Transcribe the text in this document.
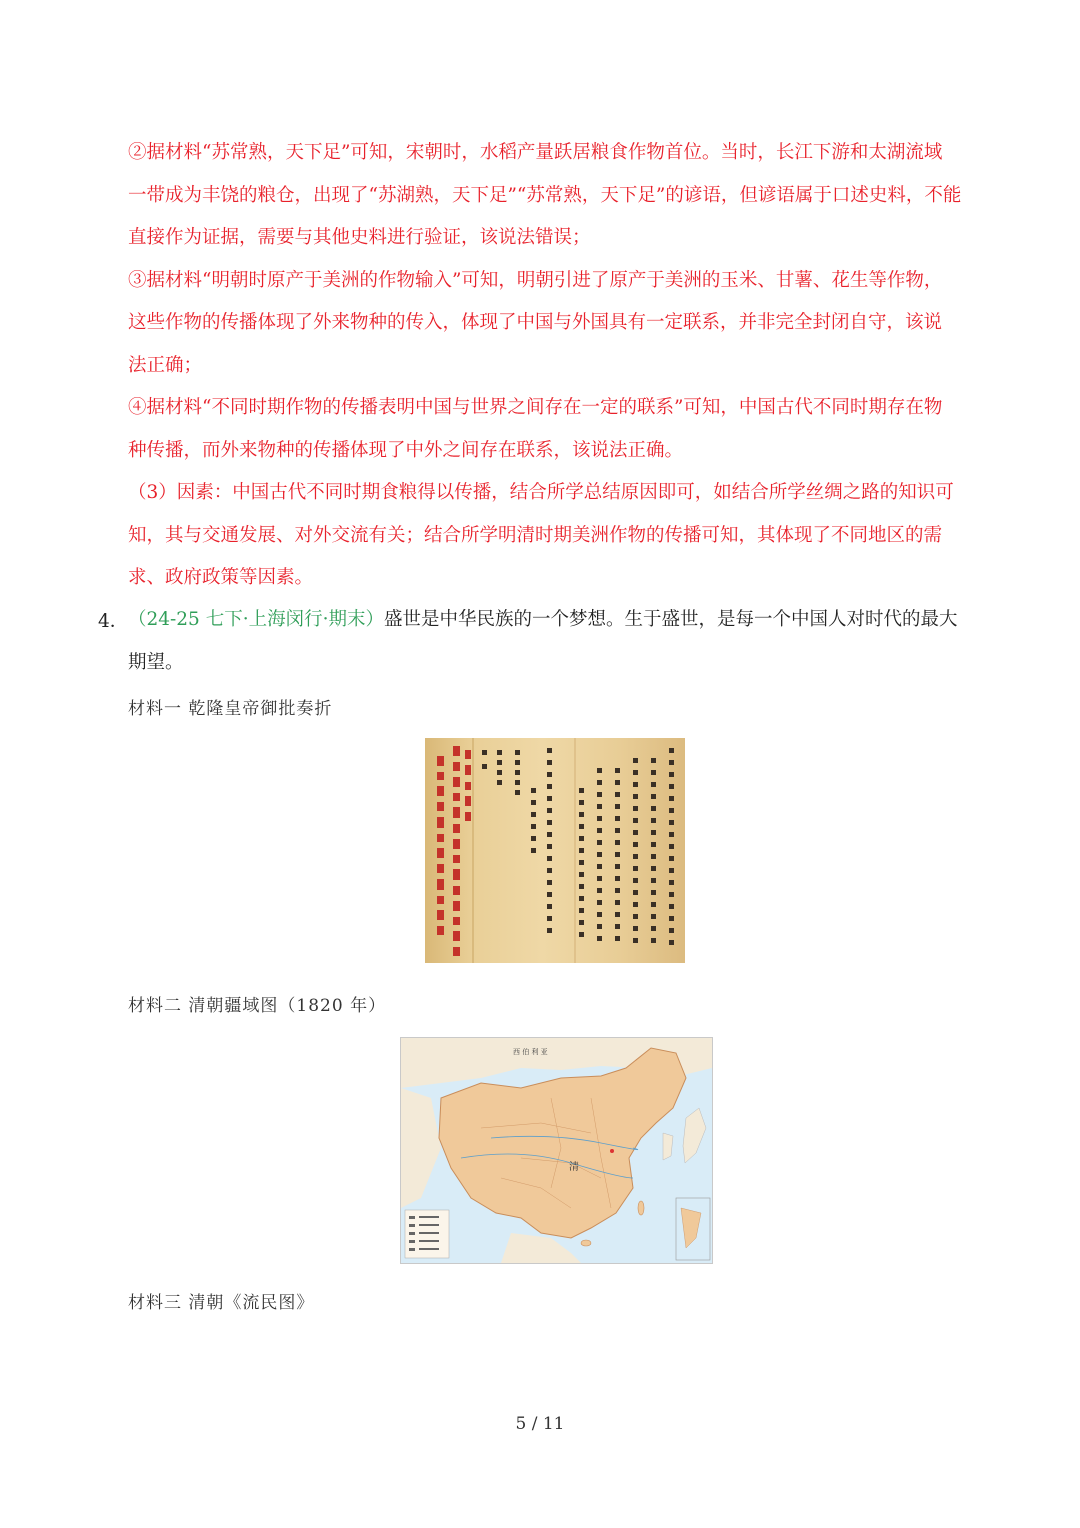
②据材料“苏常熟，天下足”可知，宋朝时，水稻产量跃居粮食作物首位。当时，长江下游和太湖流域
一带成为丰饶的粮仓，出现了“苏湖熟，天下足”“苏常熟，天下足”的谚语，但谚语属于口述史料，不能
直接作为证据，需要与其他史料进行验证，该说法错误；
③据材料“明朝时原产于美洲的作物输入”可知，明朝引进了原产于美洲的玉米、甘薯、花生等作物，
这些作物的传播体现了外来物种的传入，体现了中国与外国具有一定联系，并非完全封闭自守，该说
法正确；
④据材料“不同时期作物的传播表明中国与世界之间存在一定的联系”可知，中国古代不同时期存在物
种传播，而外来物种的传播体现了中外之间存在联系，该说法正确。
（3）因素：中国古代不同时期食粮得以传播，结合所学总结原因即可，如结合所学丝绸之路的知识可
知，其与交通发展、对外交流有关；结合所学明清时期美洲作物的传播可知，其体现了不同地区的需
求、政府政策等因素。
4． （24-25 七下·上海闵行·期末）盛世是中华民族的一个梦想。生于盛世，是每一个中国人对时代的最大
期望。
材料一 乾隆皇帝御批奏折
材料二 清朝疆域图（1820 年）
西 伯 利 亚
清
材料三 清朝《流民图》
5 / 11
